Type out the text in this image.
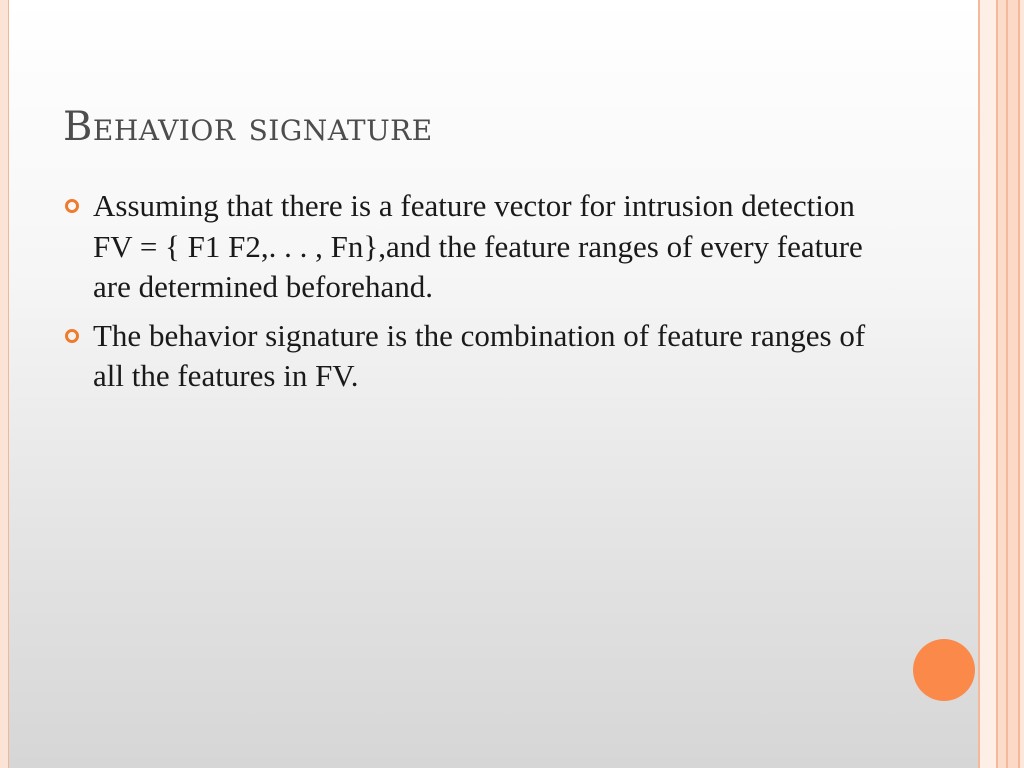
Behavior signature
Assuming that there is a feature vector for intrusion detection FV = { F1 F2,. . . , Fn},and the feature ranges of every feature are determined beforehand.
The behavior signature is the combination of feature ranges of all the features in FV.
